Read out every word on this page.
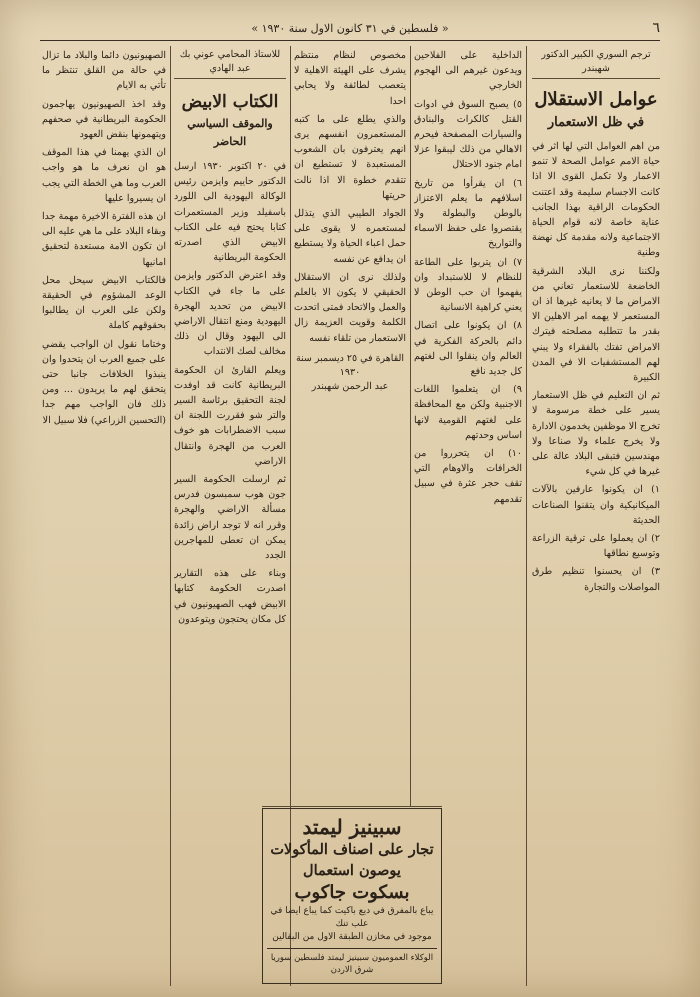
٦
« فلسطين في ٣١ كانون الاول سنة ١٩٣٠ »
ترجم السوري الكبير الدكتور شهبندر
عوامل الاستقلال
في ظل الاستعمار

من اهم العوامل التي لها اثر في حياة الامم عوامل الصحة لا تنمو الاعمار ولا تكمل القوى الا اذا كانت الاجسام سليمة وقد اعتنت الحكومات الراقية بهذا الجانب عناية خاصة لانه قوام الحياة الاجتماعية ولانه مقدمة كل نهضة وطنية

ولكننا نرى البلاد الشرقية الخاضعة للاستعمار تعاني من الامراض ما لا يعانيه غيرها اذ ان المستعمر لا يهمه امر الاهلين الا بقدر ما تتطلبه مصلحته فيترك الامراض تفتك بالفقراء ولا يبني لهم المستشفيات الا في المدن الكبيرة

ثم ان التعليم في ظل الاستعمار يسير على خطة مرسومة لا تخرج الا موظفين يخدمون الادارة ولا يخرج علماء ولا صناعا ولا مهندسين فتبقى البلاد عالة على غيرها في كل شيء

١) ان يكونوا عارفين بالآلات الميكانيكية وان يتقنوا الصناعات الحديثة

٢) ان يعملوا على ترقية الزراعة وتوسيع نطاقها

٣) ان يحسنوا تنظيم طرق المواصلات والتجارة

الداخلية على الفلاحين ويدعون غيرهم الى الهجوم الخارجي

٥) يصبح السوق في ادوات القتل كالكرات والبنادق والسيارات المصفحة فيحرم الاهالي من ذلك ليبقوا عزلا امام جنود الاحتلال

٦) ان يقرأوا من تاريخ اسلافهم ما يعلم الاعتزاز بالوطن والبطولة ولا يقتصروا على حفظ الاسماء والتواريخ

٧) ان يتربوا على الطاعة للنظام لا للاستبداد وان يفهموا ان حب الوطن لا يعني كراهية الانسانية

٨) ان يكونوا على اتصال دائم بالحركة الفكرية في العالم وان ينقلوا الى لغتهم كل جديد نافع

٩) ان يتعلموا اللغات الاجنبية ولكن مع المحافظة على لغتهم القومية لانها اساس وحدتهم

١٠) ان يتحرروا من الخرافات والاوهام التي تقف حجر عثرة في سبيل تقدمهم

مخصوص لنظام منتظم يشرف على الهيئة الاهلية لا يتعصب لطائفة ولا يحابي احدا

والذي يطلع على ما كتبه المستعمرون انفسهم يرى انهم يعترفون بان الشعوب المستعبدة لا تستطيع ان تتقدم خطوة الا اذا نالت حريتها

الجواد الطيبي الذي يتذلل لمستعمره لا يقوى على حمل اعباء الحياة ولا يستطيع ان يدافع عن نفسه

ولذلك نرى ان الاستقلال الحقيقي لا يكون الا بالعلم والعمل والاتحاد فمتى اتحدت الكلمة وقويت العزيمة زال الاستعمار من تلقاء نفسه

القاهرة في ٢٥ ديسمبر سنة ١٩٣٠
عبد الرحمن شهبندر
للاستاذ المحامي عوني بك عبد الهادي
الكتاب الابيض
والموقف السياسي الحاضر

في ٢٠ اكتوبر ١٩٣٠ ارسل الدكتور حاييم وايزمن رئيس الوكالة اليهودية الى اللورد باسفيلد وزير المستعمرات كتابا يحتج فيه على الكتاب الابيض الذي اصدرته الحكومة البريطانية

وقد اعترض الدكتور وايزمن على ما جاء في الكتاب الابيض من تحديد الهجرة اليهودية ومنع انتقال الاراضي الى اليهود وقال ان ذلك مخالف لصك الانتداب

ويعلم القارئ ان الحكومة البريطانية كانت قد اوفدت لجنة التحقيق برئاسة السير والتر شو فقررت اللجنة ان سبب الاضطرابات هو خوف العرب من الهجرة وانتقال الاراضي

ثم ارسلت الحكومة السير جون هوب سمبسون فدرس مسألة الاراضي والهجرة وقرر انه لا توجد اراض زائدة يمكن ان تعطى للمهاجرين الجدد

وبناء على هذه التقارير اصدرت الحكومة كتابها الابيض فهب الصهيونيون في كل مكان يحتجون ويتوعدون

الصهيونيون دائما والبلاد ما تزال في حالة من القلق تنتظر ما تأتي به الايام

وقد اخذ الصهيونيون يهاجمون الحكومة البريطانية في صحفهم ويتهمونها بنقض العهود

ان الذي يهمنا في هذا الموقف هو ان نعرف ما هو واجب العرب وما هي الخطة التي يجب ان يسيروا عليها

ان هذه الفترة الاخيرة مهمة جدا وبقاء البلاد على ما هي عليه الى ان تكون الامة مستعدة لتحقيق امانيها

فالكتاب الابيض سيحل محل الوعد المشؤوم في الحقيقة ولكن على العرب ان يطالبوا بحقوقهم كاملة

وختاما نقول ان الواجب يقضي على جميع العرب ان يتحدوا وان ينبذوا الخلافات جانبا حتى يتحقق لهم ما يريدون ... ومن ذلك فان الواجب مهم جدا (التحسين الزراعي) فلا سبيل الا

سبينيز ليمتد
تجار على اصناف المأكولات يوصون استعمال
بسكوت جاكوب
يباع بالمفرق في ديع باكيت كما يباع ايضا في علب تنك
موجود في مخازن الطبقة الاول من البقالين
الوكلاء العموميون سبينيز ليمتد فلسطين سوريا شرق الاردن
